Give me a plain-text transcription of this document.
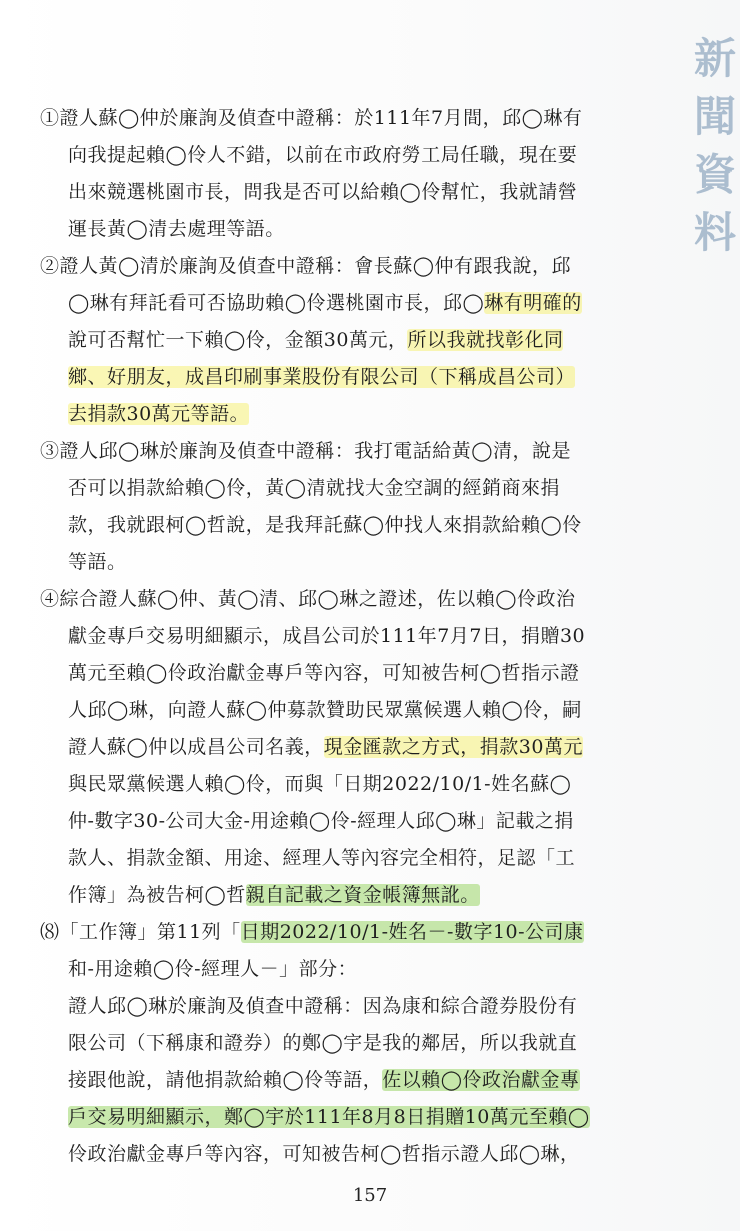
新
聞
資
料
①證人蘇◯仲於廉詢及偵查中證稱：於111年7月間，邱◯琳有
向我提起賴◯伶人不錯，以前在市政府勞工局任職，現在要
出來競選桃園市長，問我是否可以給賴◯伶幫忙，我就請營
運長黃◯清去處理等語。
②證人黃◯清於廉詢及偵查中證稱：會長蘇◯仲有跟我說，邱
◯琳有拜託看可否協助賴◯伶選桃園市長，邱◯琳有明確的
說可否幫忙一下賴◯伶，金額30萬元，所以我就找彰化同
鄉、好朋友，成昌印刷事業股份有限公司（下稱成昌公司）
去捐款30萬元等語。
③證人邱◯琳於廉詢及偵查中證稱：我打電話給黃◯清，說是
否可以捐款給賴◯伶，黃◯清就找大金空調的經銷商來捐
款，我就跟柯◯哲說，是我拜託蘇◯仲找人來捐款給賴◯伶
等語。
④綜合證人蘇◯仲、黃◯清、邱◯琳之證述，佐以賴◯伶政治
獻金專戶交易明細顯示，成昌公司於111年7月7日，捐贈30
萬元至賴◯伶政治獻金專戶等內容，可知被告柯◯哲指示證
人邱◯琳，向證人蘇◯仲募款贊助民眾黨候選人賴◯伶，嗣
證人蘇◯仲以成昌公司名義，現金匯款之方式，捐款30萬元
與民眾黨候選人賴◯伶，而與「日期2022/10/1-姓名蘇◯
仲-數字30-公司大金-用途賴◯伶-經理人邱◯琳」記載之捐
款人、捐款金額、用途、經理人等內容完全相符，足認「工
作簿」為被告柯◯哲親自記載之資金帳簿無訛。
⑻「工作簿」第11列「日期2022/10/1-姓名－-數字10-公司康
和-用途賴◯伶-經理人－」部分：
證人邱◯琳於廉詢及偵查中證稱：因為康和綜合證券股份有
限公司（下稱康和證券）的鄭◯宇是我的鄰居，所以我就直
接跟他說，請他捐款給賴◯伶等語，佐以賴◯伶政治獻金專
戶交易明細顯示，鄭◯宇於111年8月8日捐贈10萬元至賴◯
伶政治獻金專戶等內容，可知被告柯◯哲指示證人邱◯琳，
157
